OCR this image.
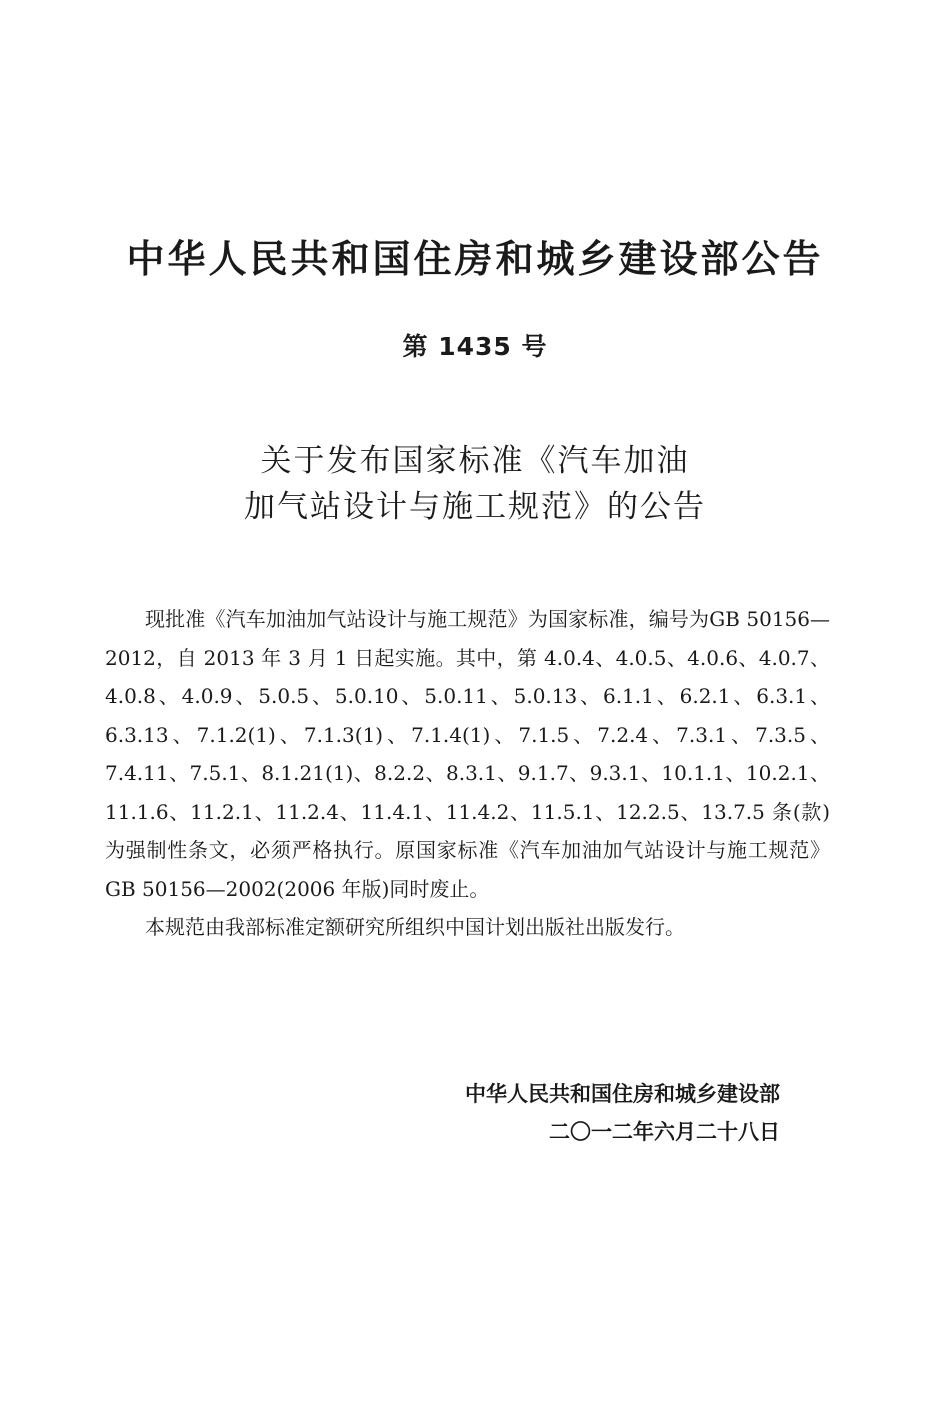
中华人民共和国住房和城乡建设部公告
第 1435 号
关于发布国家标准《汽车加油
加气站设计与施工规范》的公告

现批准《汽车加油加气站设计与施工规范》为国家标准，编号为GB 50156—2012，自 2013 年 3 月 1 日起实施。其中，第 4.0.4、4.0.5、4.0.6、4.0.7、4.0.8、4.0.9、5.0.5、5.0.10、5.0.11、5.0.13、6.1.1、6.2.1、6.3.1、6.3.13、7.1.2(1)、7.1.3(1)、7.1.4(1)、7.1.5、7.2.4、7.3.1、7.3.5、7.4.11、7.5.1、8.1.21(1)、8.2.2、8.3.1、9.1.7、9.3.1、10.1.1、10.2.1、11.1.6、11.2.1、11.2.4、11.4.1、11.4.2、11.5.1、12.2.5、13.7.5 条(款)为强制性条文，必须严格执行。原国家标准《汽车加油加气站设计与施工规范》GB 50156—2002(2006 年版)同时废止。

本规范由我部标准定额研究所组织中国计划出版社出版发行。

中华人民共和国住房和城乡建设部
二〇一二年六月二十八日
